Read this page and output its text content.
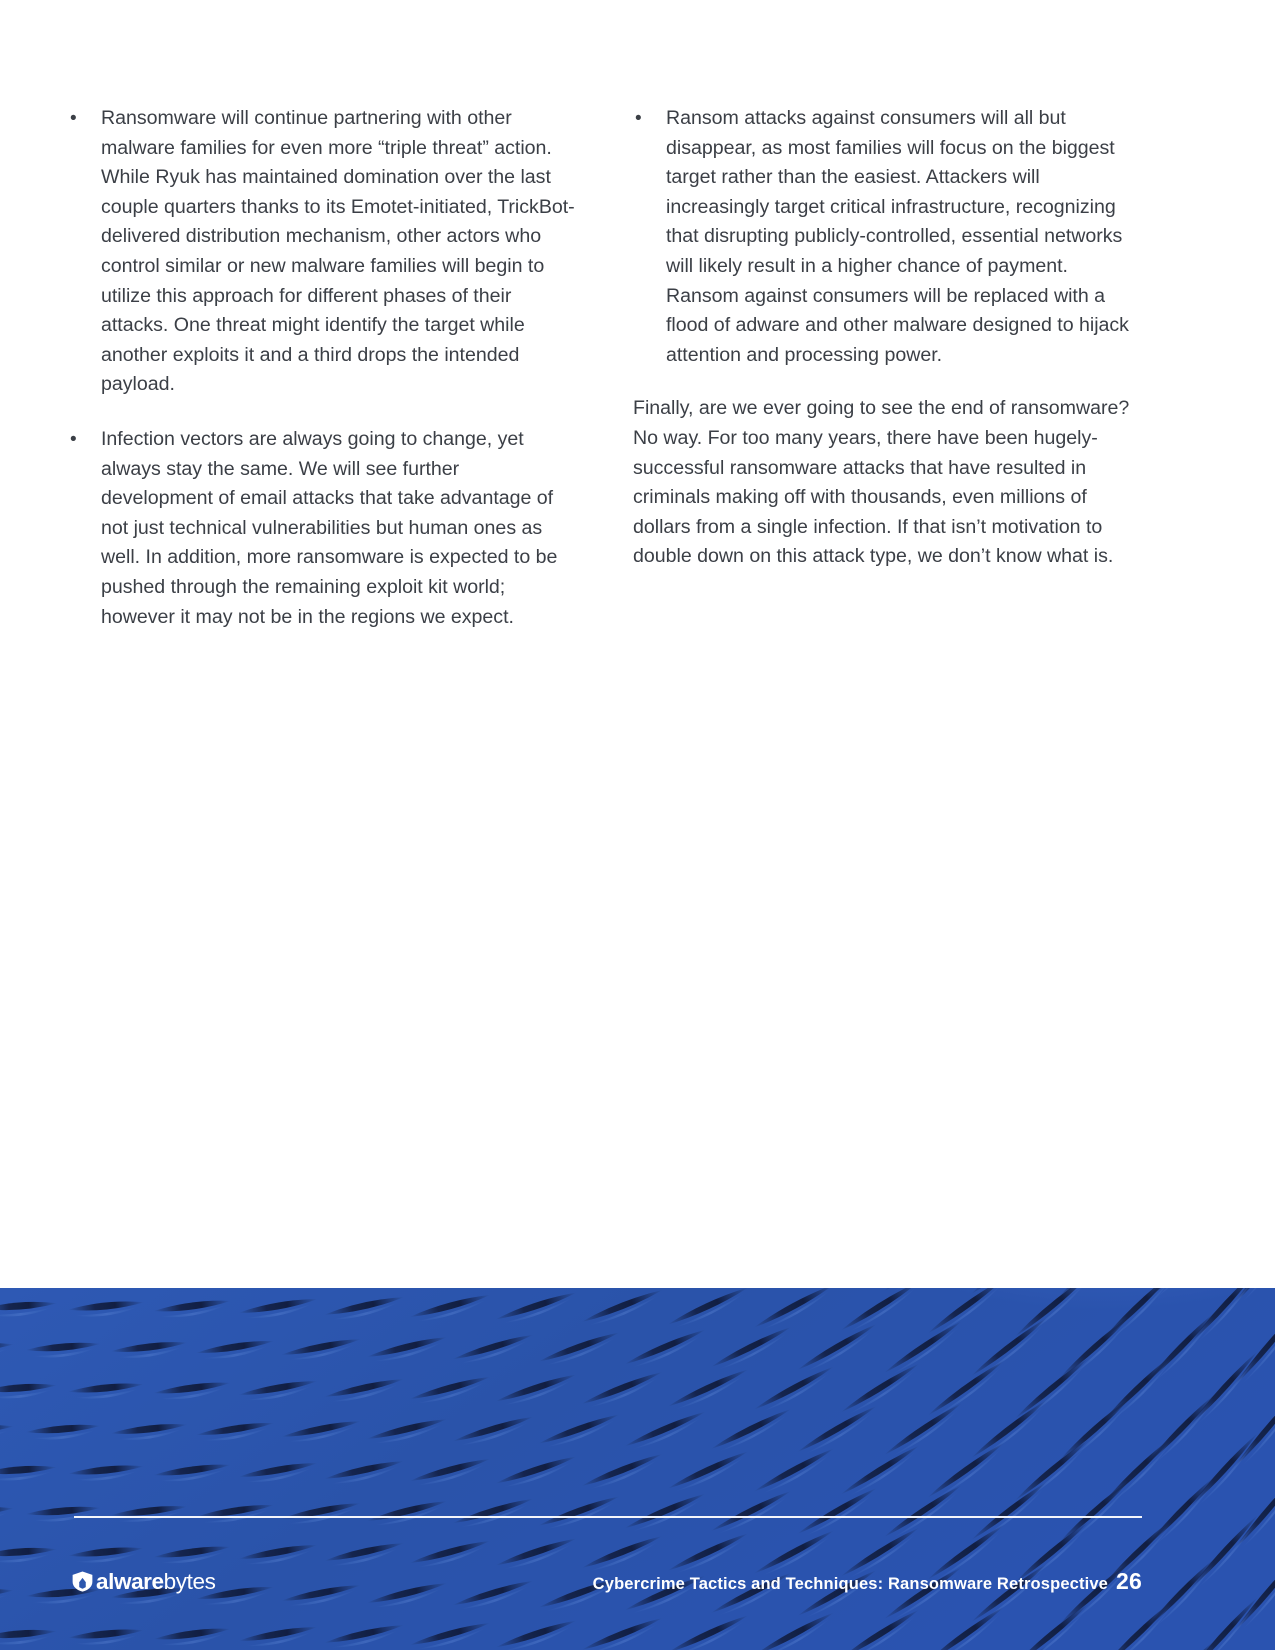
•	Ransomware will continue partnering with other malware families for even more “triple threat” action. While Ryuk has maintained domination over the last couple quarters thanks to its Emotet-initiated, TrickBot-delivered distribution mechanism, other actors who control similar or new malware families will begin to utilize this approach for different phases of their attacks. One threat might identify the target while another exploits it and a third drops the intended payload.
•	Infection vectors are always going to change, yet always stay the same. We will see further development of email attacks that take advantage of not just technical vulnerabilities but human ones as well. In addition, more ransomware is expected to be pushed through the remaining exploit kit world; however it may not be in the regions we expect.
•	Ransom attacks against consumers will all but disappear, as most families will focus on the biggest target rather than the easiest. Attackers will increasingly target critical infrastructure, recognizing that disrupting publicly-controlled, essential networks will likely result in a higher chance of payment. Ransom against consumers will be replaced with a flood of adware and other malware designed to hijack attention and processing power.

Finally, are we ever going to see the end of ransomware? No way. For too many years, there have been hugely-successful ransomware attacks that have resulted in criminals making off with thousands, even millions of dollars from a single infection. If that isn’t motivation to double down on this attack type, we don’t know what is.

alwarebytes	Cybercrime Tactics and Techniques: Ransomware Retrospective 26
